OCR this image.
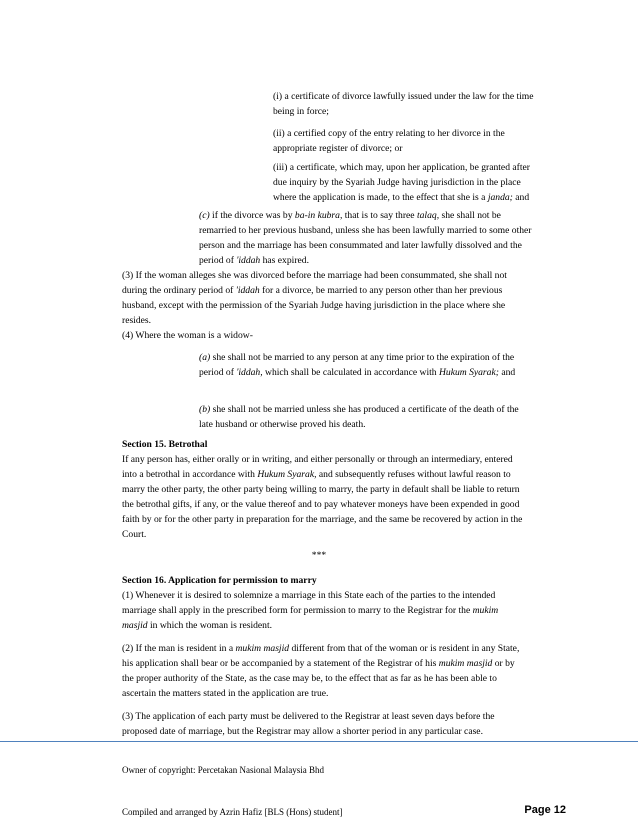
(i) a certificate of divorce lawfully issued under the law for the time
being in force;
(ii) a certified copy of the entry relating to her divorce in the
appropriate register of divorce; or
(iii) a certificate, which may, upon her application, be granted after
due inquiry by the Syariah Judge having jurisdiction in the place
where the application is made, to the effect that she is a janda; and
(c) if the divorce was by ba-in kubra, that is to say three talaq, she shall not be
remarried to her previous husband, unless she has been lawfully married to some other
person and the marriage has been consummated and later lawfully dissolved and the
period of 'iddah has expired.
(3) If the woman alleges she was divorced before the marriage had been consummated, she shall not
during the ordinary period of 'iddah for a divorce, be married to any person other than her previous
husband, except with the permission of the Syariah Judge having jurisdiction in the place where she
resides.
(4) Where the woman is a widow-
(a) she shall not be married to any person at any time prior to the expiration of the
period of 'iddah, which shall be calculated in accordance with Hukum Syarak; and
(b) she shall not be married unless she has produced a certificate of the death of the
late husband or otherwise proved his death.
Section 15. Betrothal
If any person has, either orally or in writing, and either personally or through an intermediary, entered
into a betrothal in accordance with Hukum Syarak, and subsequently refuses without lawful reason to
marry the other party, the other party being willing to marry, the party in default shall be liable to return
the betrothal gifts, if any, or the value thereof and to pay whatever moneys have been expended in good
faith by or for the other party in preparation for the marriage, and the same be recovered by action in the
Court.
***
Section 16. Application for permission to marry
(1) Whenever it is desired to solemnize a marriage in this State each of the parties to the intended
marriage shall apply in the prescribed form for permission to marry to the Registrar for the mukim
masjid in which the woman is resident.
(2) If the man is resident in a mukim masjid different from that of the woman or is resident in any State,
his application shall bear or be accompanied by a statement of the Registrar of his mukim masjid or by
the proper authority of the State, as the case may be, to the effect that as far as he has been able to
ascertain the matters stated in the application are true.
(3) The application of each party must be delivered to the Registrar at least seven days before the
proposed date of marriage, but the Registrar may allow a shorter period in any particular case.
Owner of copyright: Percetakan Nasional Malaysia Bhd
Compiled and arranged by Azrin Hafiz [BLS (Hons) student]	Page 12
